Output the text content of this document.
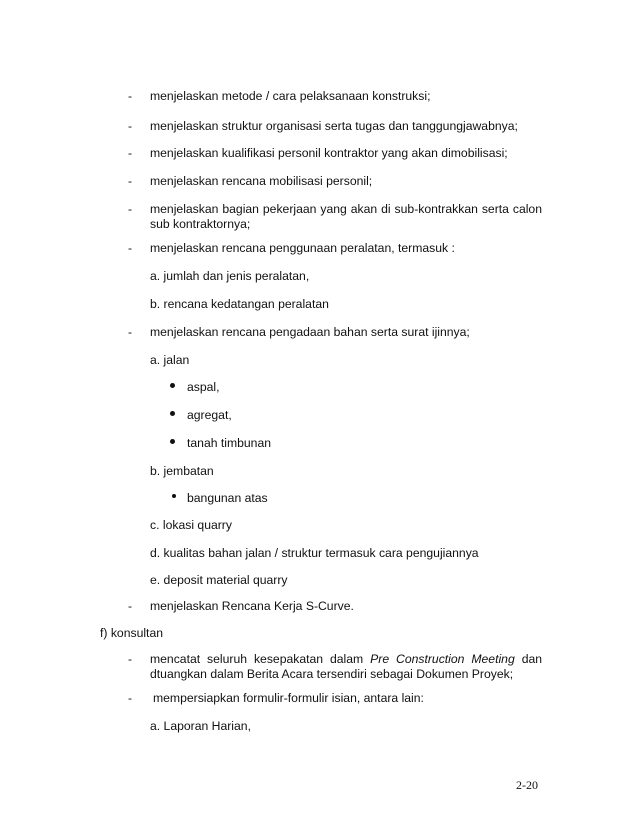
- menjelaskan metode / cara pelaksanaan konstruksi;
- menjelaskan struktur organisasi serta tugas dan tanggungjawabnya;
- menjelaskan kualifikasi personil kontraktor yang akan dimobilisasi;
- menjelaskan rencana mobilisasi personil;
- menjelaskan bagian pekerjaan yang akan di sub-kontrakkan serta calon
sub kontraktornya;
- menjelaskan rencana penggunaan peralatan, termasuk :
a. jumlah dan jenis peralatan,
b. rencana kedatangan peralatan
- menjelaskan rencana pengadaan bahan serta surat ijinnya;
a. jalan
aspal,
agregat,
tanah timbunan
b. jembatan
bangunan atas
c. lokasi quarry
d. kualitas bahan jalan / struktur termasuk cara pengujiannya
e. deposit material quarry
- menjelaskan Rencana Kerja S-Curve.
f) konsultan
- mencatat seluruh kesepakatan dalam Pre Construction Meeting dan
dtuangkan dalam Berita Acara tersendiri sebagai Dokumen Proyek;
- mempersiapkan formulir-formulir isian, antara lain:
a. Laporan Harian,
2-20
